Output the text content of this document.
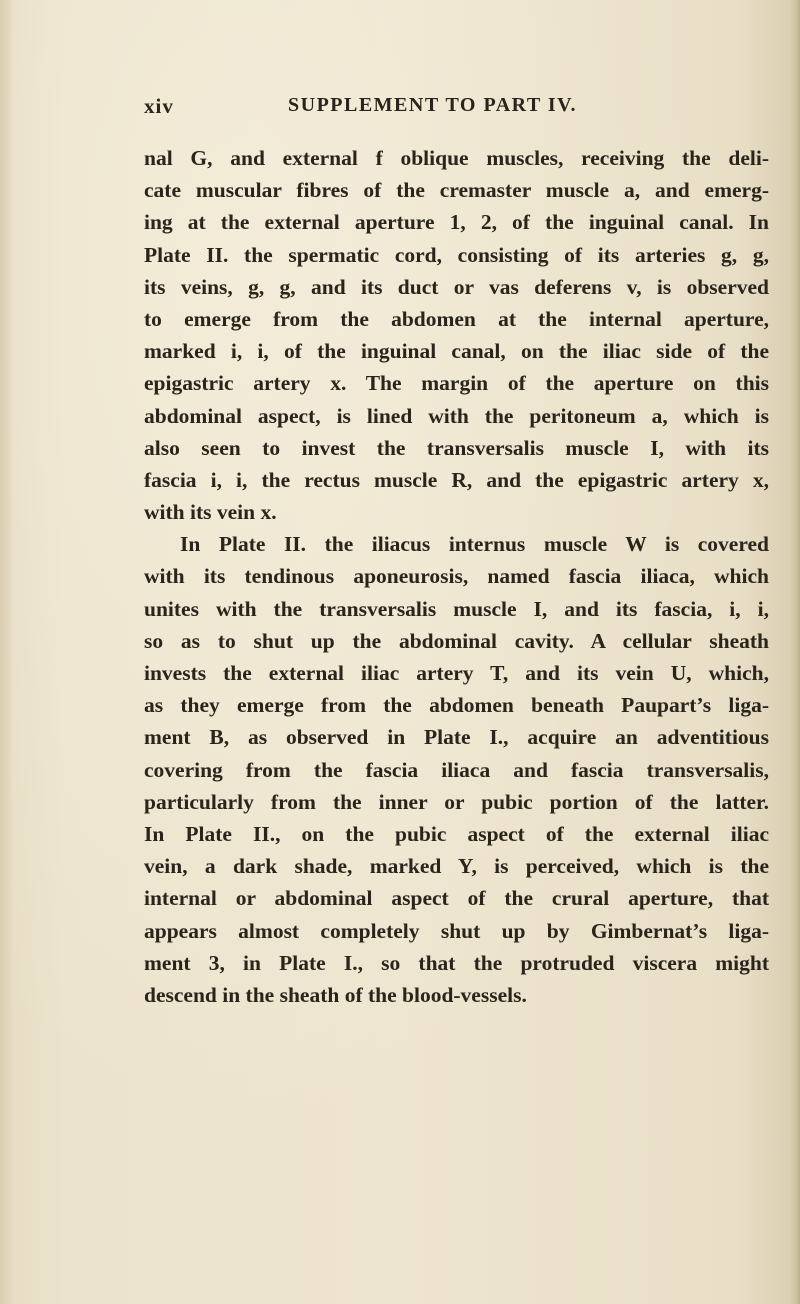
xiv	SUPPLEMENT TO PART IV.
nal G, and external f oblique muscles, receiving the deli-
cate muscular fibres of the cremaster muscle a, and emerg-
ing at the external aperture 1, 2, of the inguinal canal. In
Plate II. the spermatic cord, consisting of its arteries g, g,
its veins, g, g, and its duct or vas deferens v, is observed
to emerge from the abdomen at the internal aperture,
marked i, i, of the inguinal canal, on the iliac side of the
epigastric artery x. The margin of the aperture on this
abdominal aspect, is lined with the peritoneum a, which is
also seen to invest the transversalis muscle I, with its
fascia i, i, the rectus muscle R, and the epigastric artery x,
with its vein x.
In Plate II. the iliacus internus muscle W is covered
with its tendinous aponeurosis, named fascia iliaca, which
unites with the transversalis muscle I, and its fascia, i, i,
so as to shut up the abdominal cavity. A cellular sheath
invests the external iliac artery T, and its vein U, which,
as they emerge from the abdomen beneath Paupart’s liga-
ment B, as observed in Plate I., acquire an adventitious
covering from the fascia iliaca and fascia transversalis,
particularly from the inner or pubic portion of the latter.
In Plate II., on the pubic aspect of the external iliac
vein, a dark shade, marked Y, is perceived, which is the
internal or abdominal aspect of the crural aperture, that
appears almost completely shut up by Gimbernat’s liga-
ment 3, in Plate I., so that the protruded viscera might
descend in the sheath of the blood-vessels.
